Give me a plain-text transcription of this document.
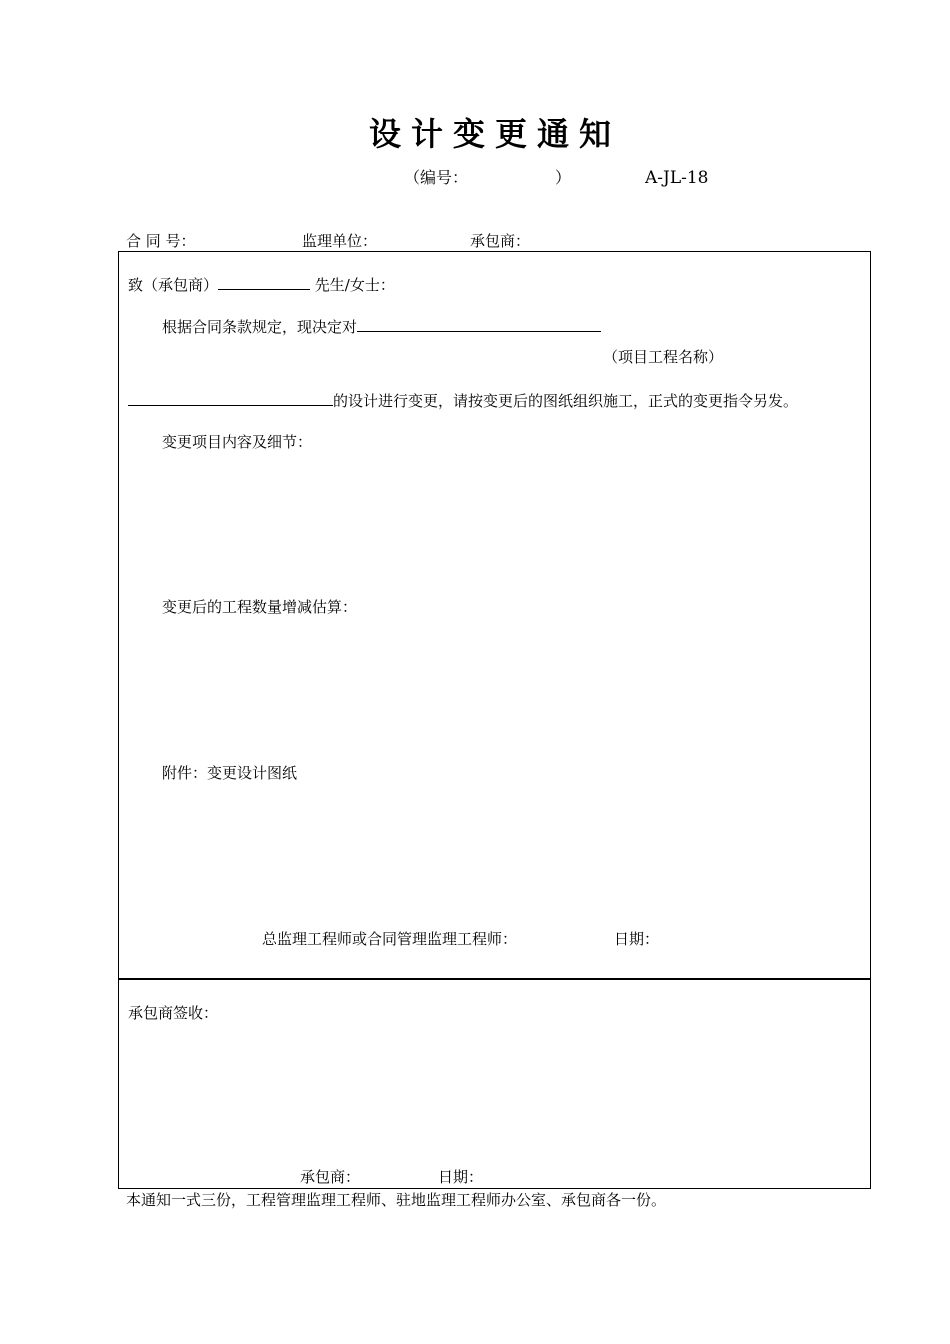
设计变更通知
（编号：	）	A-JL-18
合 同 号：	监理单位：	承包商：
致（承包商）	先生/女士：
根据合同条款规定，现决定对
（项目工程名称）
的设计进行变更，请按变更后的图纸组织施工，正式的变更指令另发。
变更项目内容及细节：
变更后的工程数量增减估算：
附件：变更设计图纸
总监理工程师或合同管理监理工程师：	日期：
承包商签收：
承包商：	日期：
本通知一式三份，工程管理监理工程师、驻地监理工程师办公室、承包商各一份。
